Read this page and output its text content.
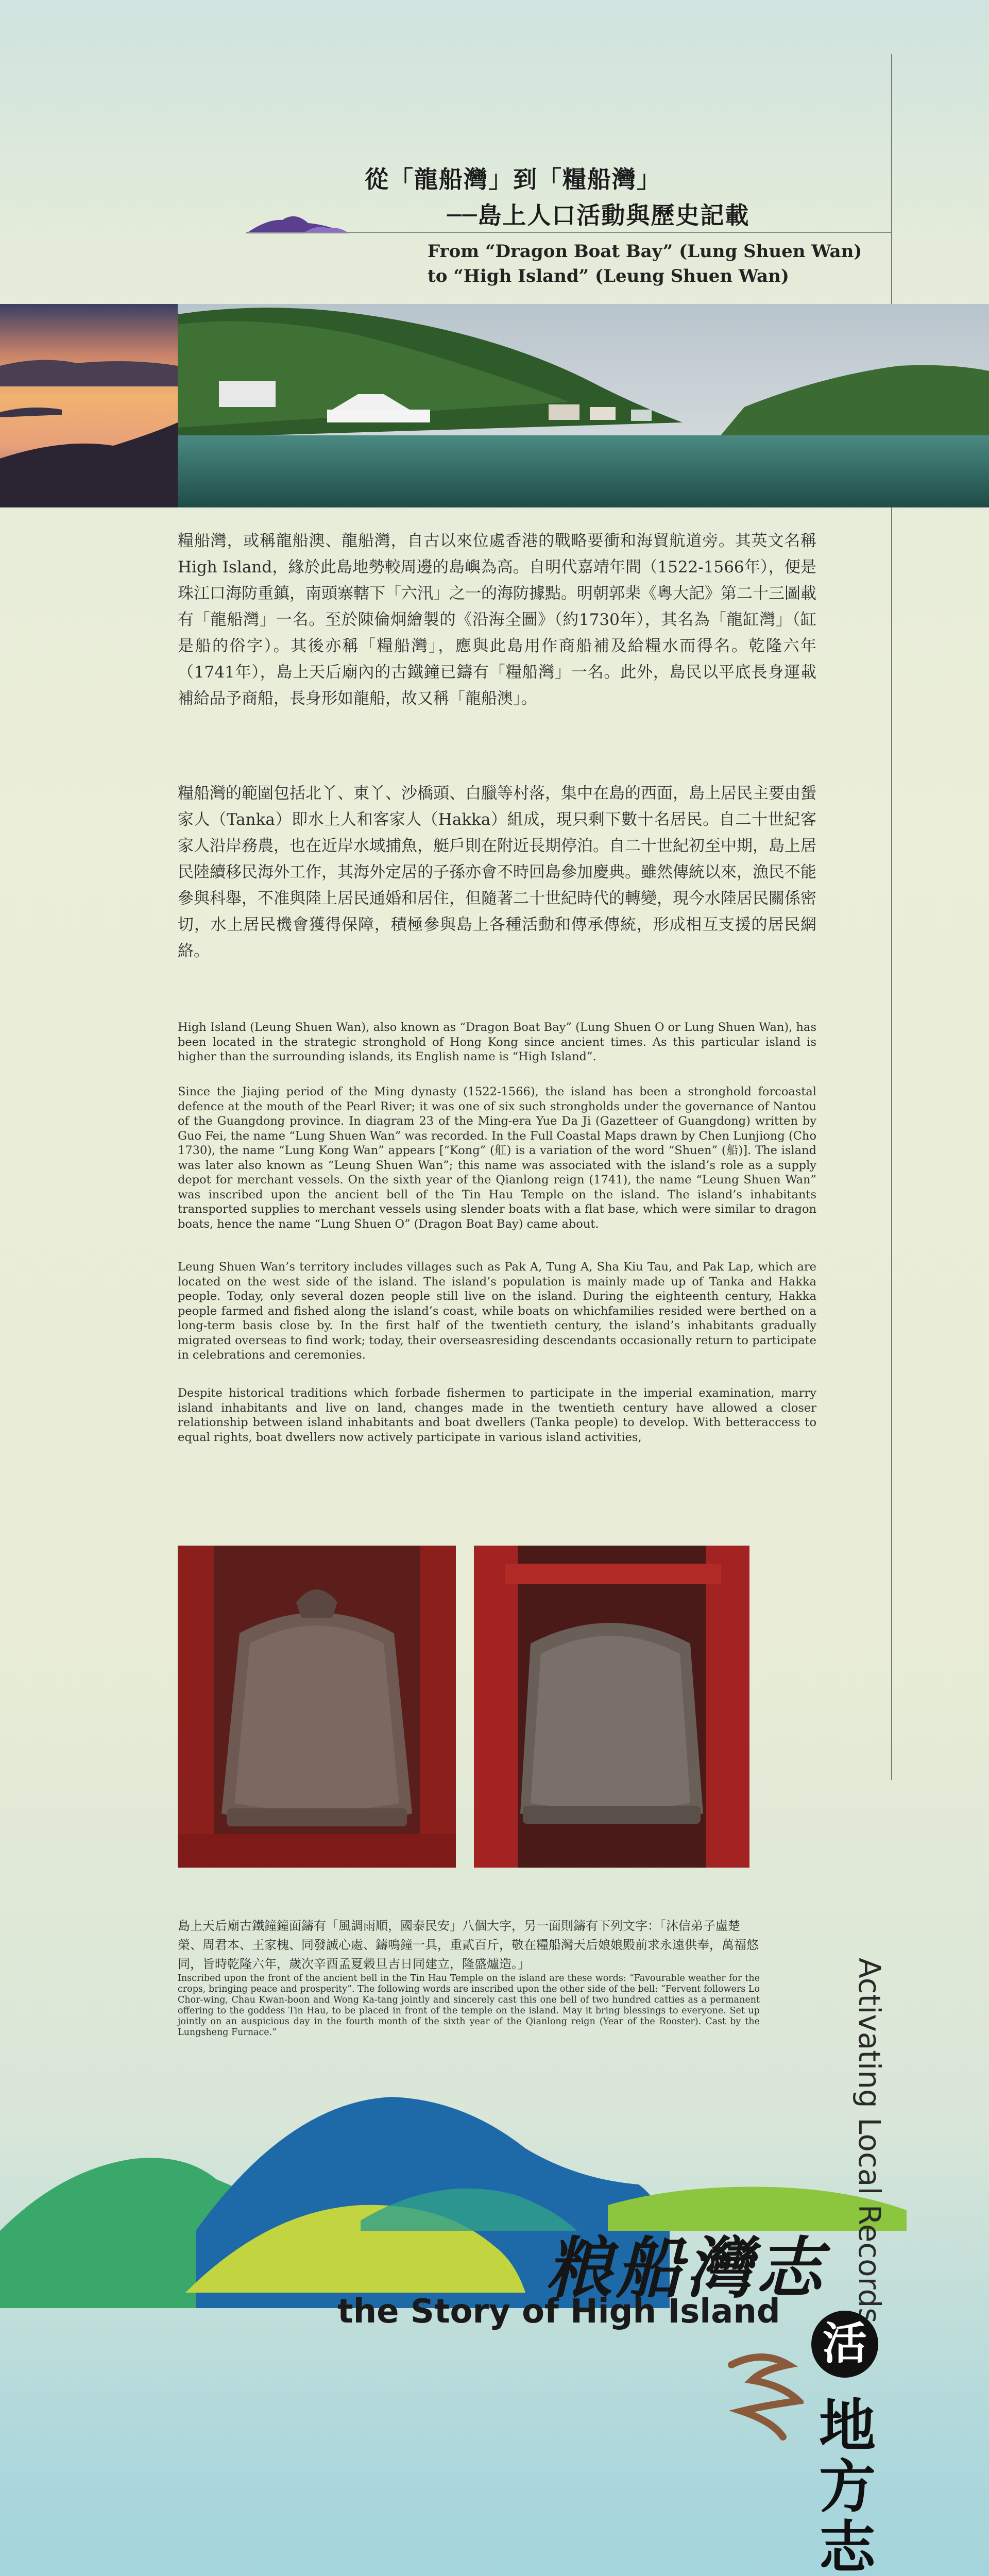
從「龍船灣」到「糧船灣」
──島上人口活動與歷史記載
From “Dragon Boat Bay” (Lung Shuen Wan)
to “High Island” (Leung Shuen Wan)

糧船灣，或稱龍船澳、龍船灣，自古以來位處香港的戰略要衝和海貿航道旁。其英文名稱 High Island，緣於此島地勢較周邊的島嶼為高。自明代嘉靖年間（1522-1566年），便是珠江口海防重鎮，南頭寨轄下「六汛」之一的海防據點。明朝郭棐《粵大記》第二十三圖載有「龍船灣」一名。至於陳倫炯繪製的《沿海全圖》（約1730年），其名為「龍缸灣」（缸是船的俗字）。其後亦稱「糧船灣」，應與此島用作商船補及給糧水而得名。乾隆六年（1741年），島上天后廟內的古鐵鐘已鑄有「糧船灣」一名。此外，島民以平底長身運載補給品予商船，長身形如龍船，故又稱「龍船澳」。

糧船灣的範圍包括北丫、東丫、沙橋頭、白臘等村落，集中在島的西面，島上居民主要由蜑家人（Tanka）即水上人和客家人（Hakka）組成，現只剩下數十名居民。自二十世紀客家人沿岸務農，也在近岸水域捕魚，艇戶則在附近長期停泊。自二十世紀初至中期，島上居民陸續移民海外工作，其海外定居的子孫亦會不時回島參加慶典。雖然傳統以來，漁民不能參與科舉，不准與陸上居民通婚和居住，但隨著二十世紀時代的轉變，現今水陸居民關係密切，水上居民機會獲得保障，積極參與島上各種活動和傳承傳統，形成相互支援的居民網絡。

High Island (Leung Shuen Wan), also known as “Dragon Boat Bay” (Lung Shuen O or Lung Shuen Wan), has been located in the strategic stronghold of Hong Kong since ancient times. As this particular island is higher than the surrounding islands, its English name is “High Island”.

Since the Jiajing period of the Ming dynasty (1522-1566), the island has been a stronghold forcoastal defence at the mouth of the Pearl River; it was one of six such strongholds under the governance of Nantou of the Guangdong province. In diagram 23 of the Ming-era Yue Da Ji (Gazetteer of Guangdong) written by Guo Fei, the name “Lung Shuen Wan” was recorded. In the Full Coastal Maps drawn by Chen Lunjiong (Cho 1730), the name “Lung Kong Wan” appears [“Kong” (舡) is a variation of the word “Shuen” (船)]. The island was later also known as “Leung Shuen Wan”; this name was associated with the island’s role as a supply depot for merchant vessels. On the sixth year of the Qianlong reign (1741), the name “Leung Shuen Wan” was inscribed upon the ancient bell of the Tin Hau Temple on the island. The island’s inhabitants transported supplies to merchant vessels using slender boats with a flat base, which were similar to dragon boats, hence the name “Lung Shuen O” (Dragon Boat Bay) came about.

Leung Shuen Wan’s territory includes villages such as Pak A, Tung A, Sha Kiu Tau, and Pak Lap, which are located on the west side of the island. The island’s population is mainly made up of Tanka and Hakka people. Today, only several dozen people still live on the island. During the eighteenth century, Hakka people farmed and fished along the island’s coast, while boats on whichfamilies resided were berthed on a long-term basis close by. In the first half of the twentieth century, the island’s inhabitants gradually migrated overseas to find work; today, their overseasresiding descendants occasionally return to participate in celebrations and ceremonies.

Despite historical traditions which forbade fishermen to participate in the imperial examination, marry island inhabitants and live on land, changes made in the twentieth century have allowed a closer relationship between island inhabitants and boat dwellers (Tanka people) to develop. With betteraccess to equal rights, boat dwellers now actively participate in various island activities,

島上天后廟古鐵鐘鐘面鑄有「風調雨順，國泰民安」八個大字，另一面則鑄有下列文字：「沐信弟子盧楚榮、周君本、王家槐、同發誠心處、鑄鳴鐘一具，重貳百斤，敬在糧船灣天后娘娘殿前求永遠供奉，萬福悠同，旨時乾隆六年，歲次辛酉孟夏穀旦吉日同建立，隆盛爐造。」

Inscribed upon the front of the ancient bell in the Tin Hau Temple on the island are these words: “Favourable weather for the crops, bringing peace and prosperity”. The following words are inscribed upon the other side of the bell: “Fervent followers Lo Chor-wing, Chau Kwan-boon and Wong Ka-tang jointly and sincerely cast this one bell of two hundred catties as a permanent offering to the goddess Tin Hau, to be placed in front of the temple on the island. May it bring blessings to everyone. Set up jointly on an auspicious day in the fourth month of the sixth year of the Qianlong reign (Year of the Rooster). Cast by the Lungsheng Furnace.”	Activating Local Records
粮船灣志
the Story of High Island
活
地方志
